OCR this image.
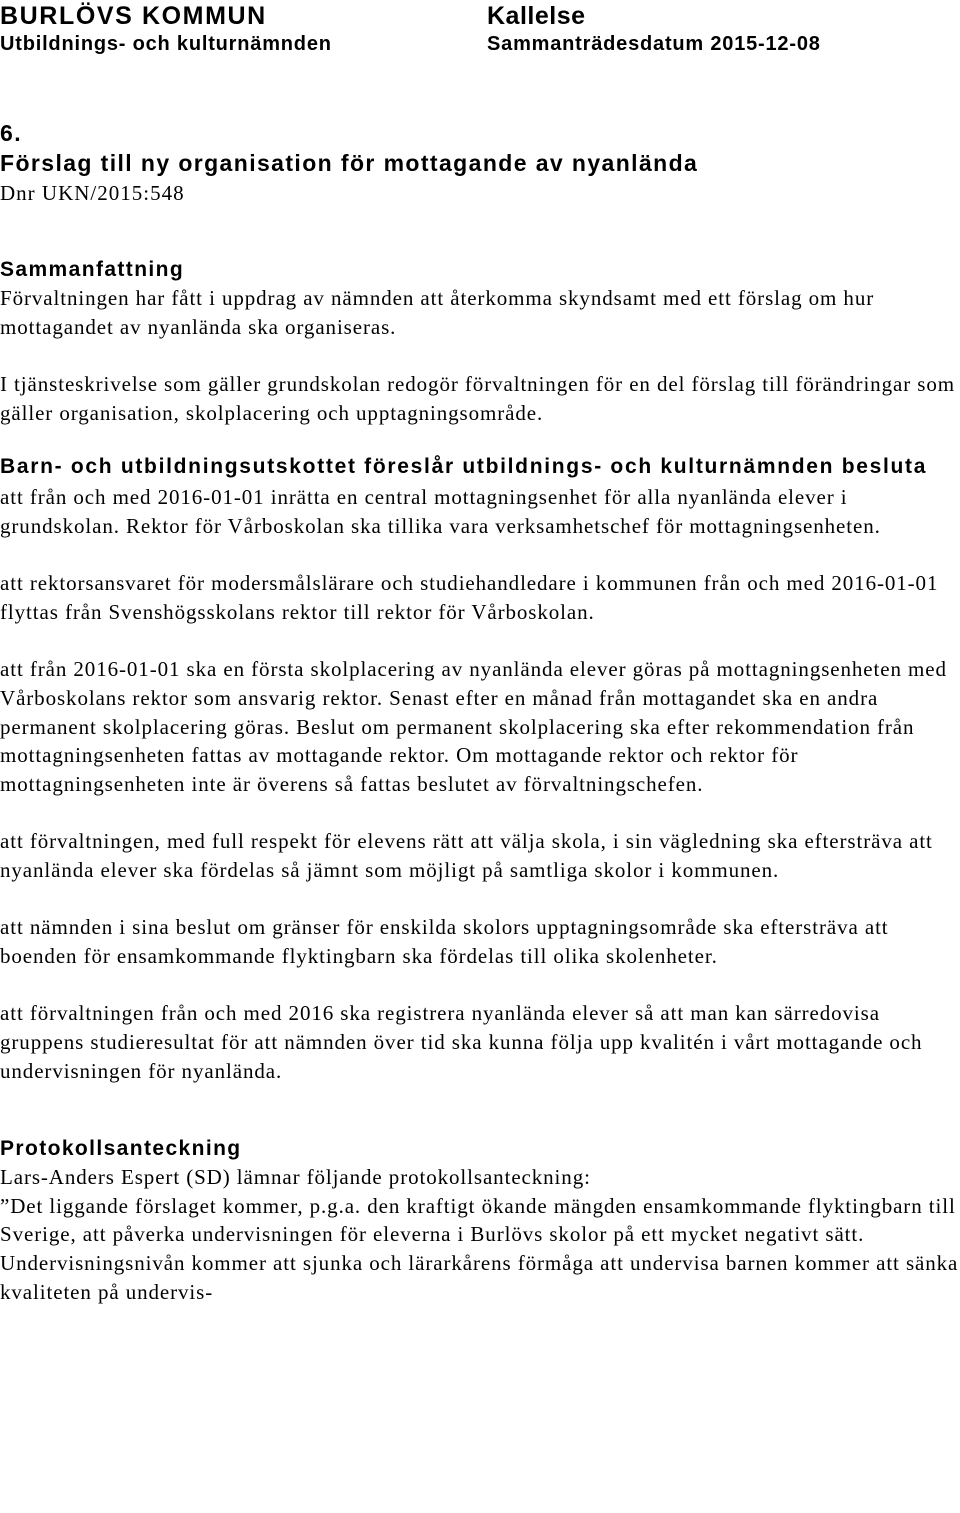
BURLÖVS KOMMUN	Kallelse
Utbildnings- och kulturnämnden	Sammanträdesdatum 2015-12-08

6.

Förslag till ny organisation för mottagande av nyanlända

Dnr UKN/2015:548

Sammanfattning

Förvaltningen har fått i uppdrag av nämnden att återkomma skyndsamt med ett förslag om hur mottagandet av nyanlända ska organiseras.

I tjänsteskrivelse som gäller grundskolan redogör förvaltningen för en del förslag till förändringar som gäller organisation, skolplacering och upptagningsområde.

Barn- och utbildningsutskottet föreslår utbildnings- och kulturnämnden besluta

att från och med 2016-01-01 inrätta en central mottagningsenhet för alla nyanlända elever i grundskolan. Rektor för Vårboskolan ska tillika vara verksamhetschef för mottagningsenheten.

att rektorsansvaret för modersmålslärare och studiehandledare i kommunen från och med 2016-01-01 flyttas från Svenshögsskolans rektor till rektor för Vårboskolan.

att från 2016-01-01 ska en första skolplacering av nyanlända elever göras på mottagningsenheten med Vårboskolans rektor som ansvarig rektor. Senast efter en månad från mottagandet ska en andra permanent skolplacering göras. Beslut om permanent skolplacering ska efter rekommendation från mottagningsenheten fattas av mottagande rektor. Om mottagande rektor och rektor för mottagningsenheten inte är överens så fattas beslutet av förvaltningschefen.

att förvaltningen, med full respekt för elevens rätt att välja skola, i sin vägledning ska eftersträva att nyanlända elever ska fördelas så jämnt som möjligt på samtliga skolor i kommunen.

att nämnden i sina beslut om gränser för enskilda skolors upptagningsområde ska eftersträva att boenden för ensamkommande flyktingbarn ska fördelas till olika skolenheter.

att förvaltningen från och med 2016 ska registrera nyanlända elever så att man kan särredovisa gruppens studieresultat för att nämnden över tid ska kunna följa upp kvalitén i vårt mottagande och undervisningen för nyanlända.

Protokollsanteckning

Lars-Anders Espert (SD) lämnar följande protokollsanteckning:

”Det liggande förslaget kommer, p.g.a. den kraftigt ökande mängden ensamkommande flyktingbarn till Sverige, att påverka undervisningen för eleverna i Burlövs skolor på ett mycket negativt sätt. Undervisningsnivån kommer att sjunka och lärarkårens förmåga att undervisa barnen kommer att sänka kvaliteten på undervis-
